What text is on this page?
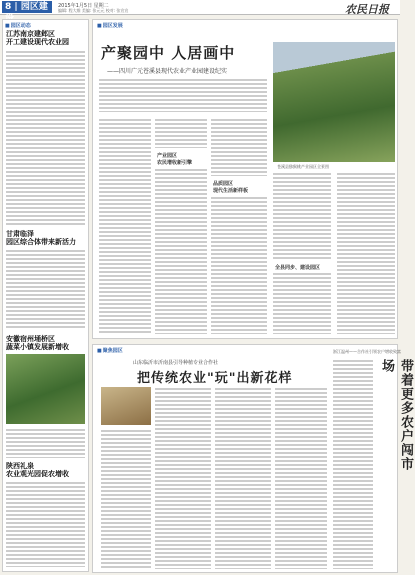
8 | 园区建	2015年1月5日 星期二
编辑: 程大维 美编: 张元元 校对: 张宣宣	农民日报
■ 园区动态
江苏南京建邺区
开工建设现代农业园
甘肃临泽
园区综合体带来新活力
安徽宿州埇桥区
蔬菜小镇发展新增收
陕西礼泉
农业观光园促农增收
■ 园区发展
产聚园中 人居画中
——四川广元苍溪县现代农业产业园建设纪实
苍溪县猕猴桃产业园区全景图
产业园区
农民增收新引擎
品质园区
现代生活新样板
全县同步、建设园区
■ 聚焦园区
山东临沂市沂南县引导种植专业合作社
把传统农业"玩"出新花样
浙江温州——合作社引领农户增收致富
带着更多农户闯市场
